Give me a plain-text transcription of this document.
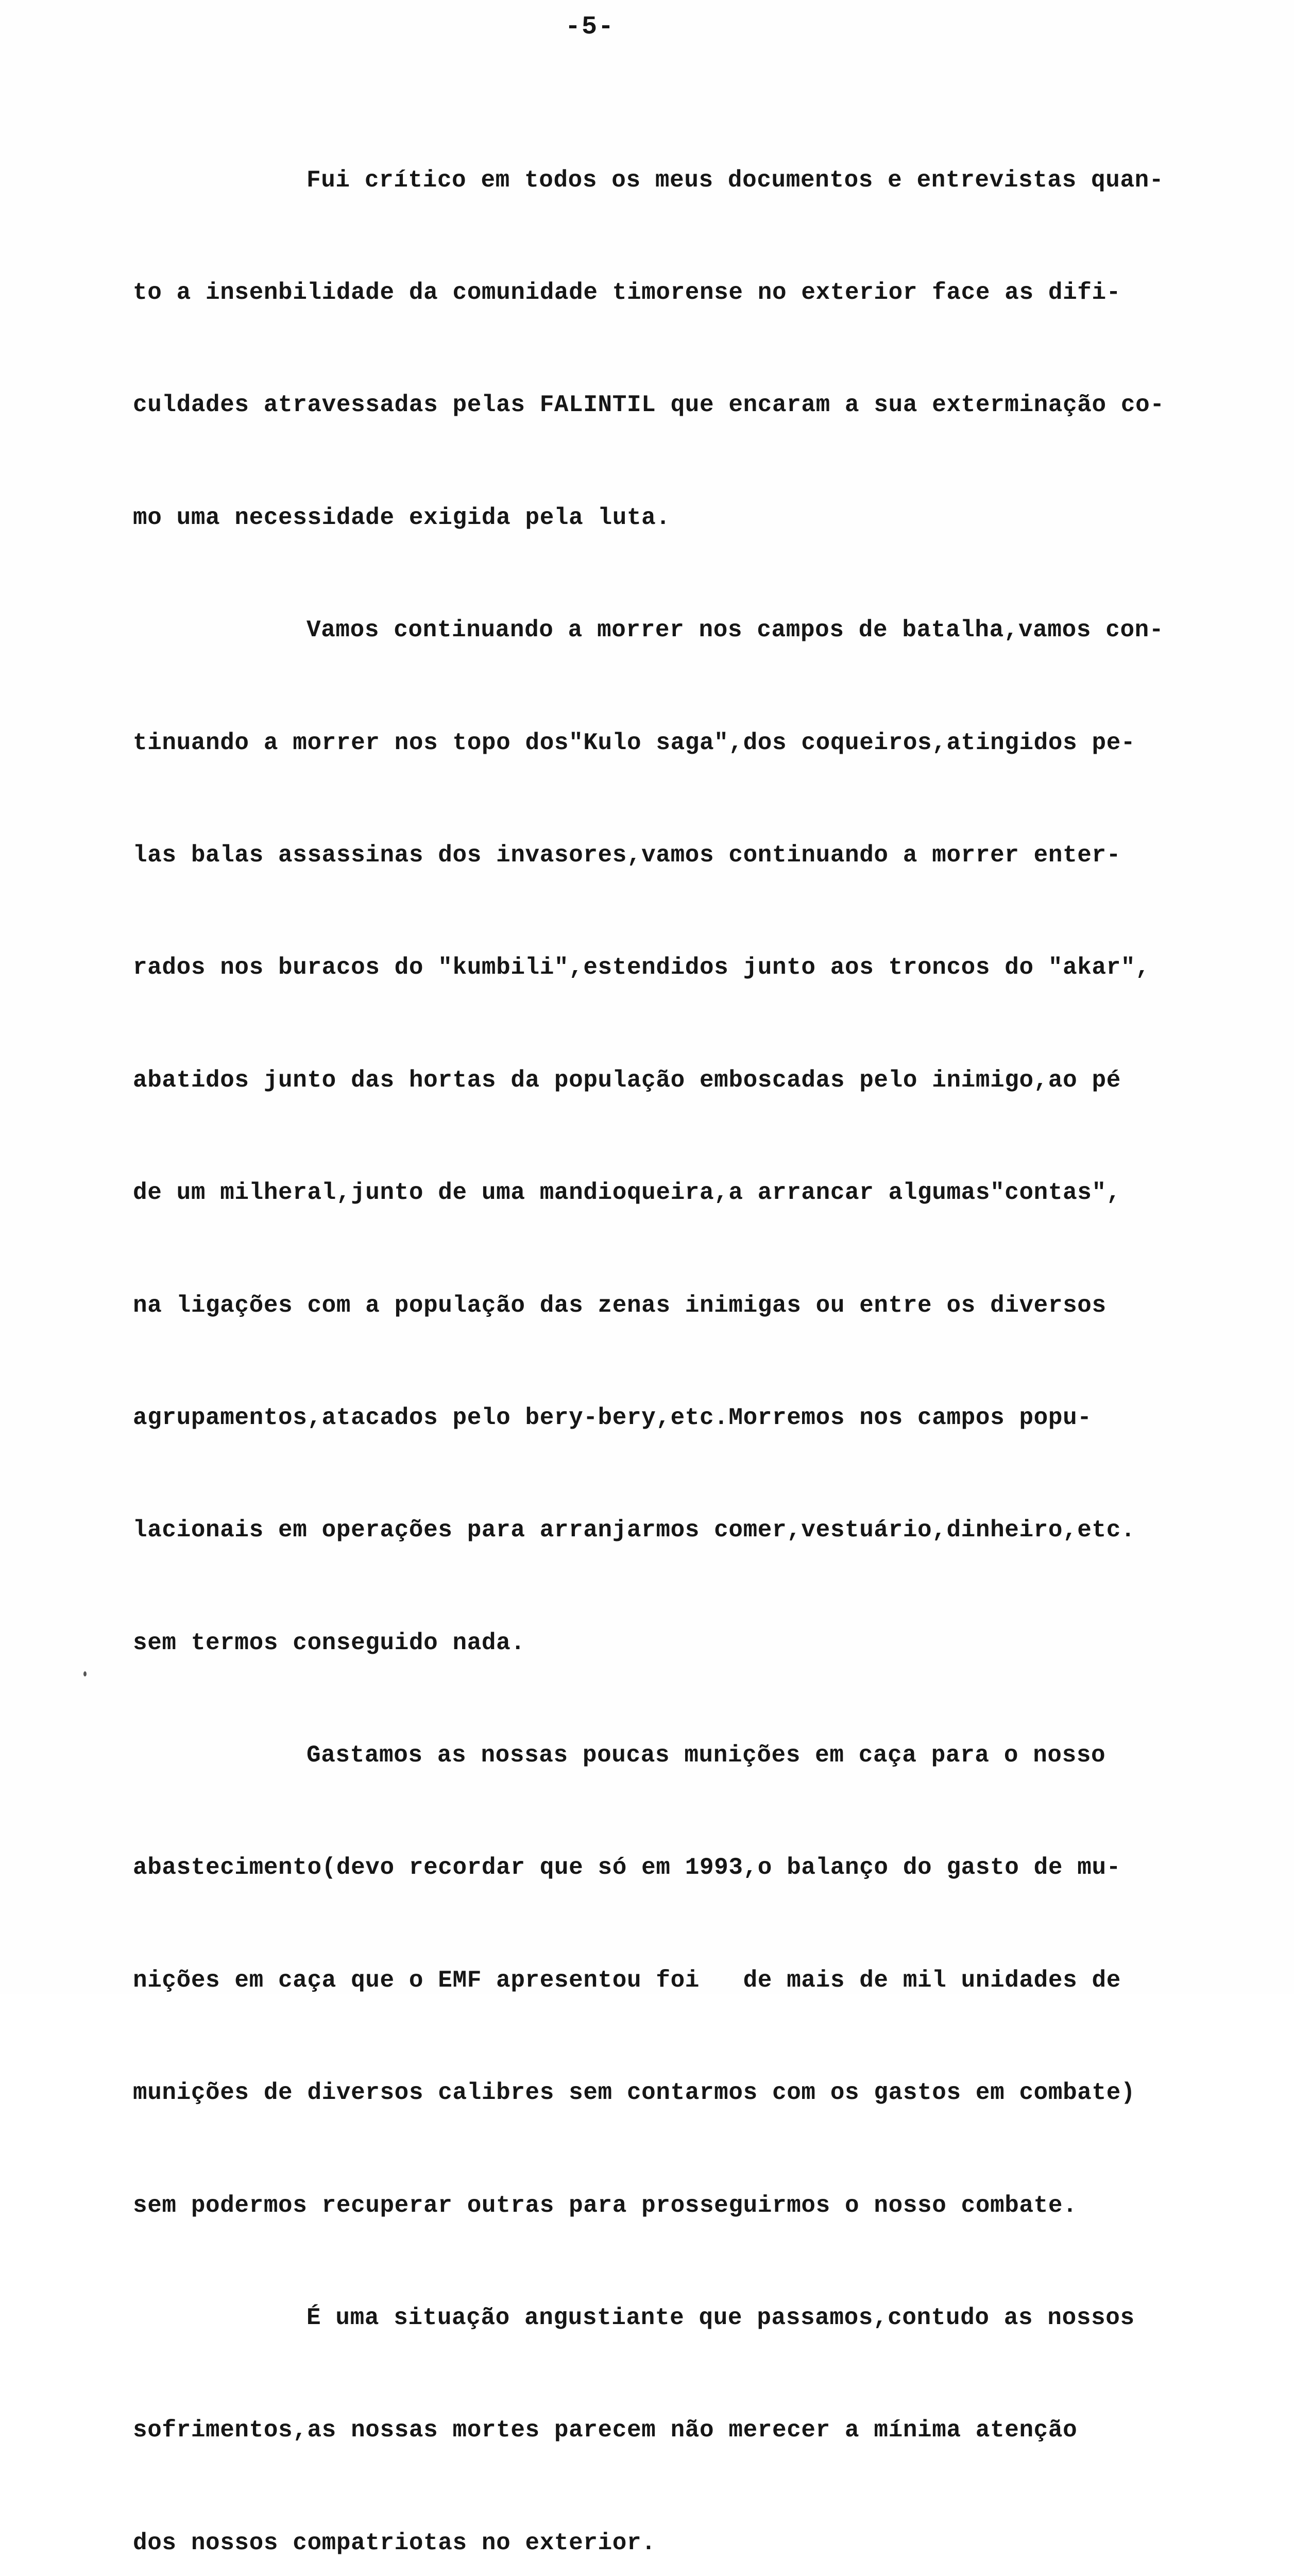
-5-

Fui crítico em todos os meus documentos e entrevistas quan-

to a insenbilidade da comunidade timorense no exterior face as difi-

culdades atravessadas pelas FALINTIL que encaram a sua exterminação co-

mo uma necessidade exigida pela luta.

Vamos continuando a morrer nos campos de batalha,vamos con-

tinuando a morrer nos topo dos"Kulo saga",dos coqueiros,atingidos pe-

las balas assassinas dos invasores,vamos continuando a morrer enter-

rados nos buracos do "kumbili",estendidos junto aos troncos do "akar",

abatidos junto das hortas da população emboscadas pelo inimigo,ao pé

de um milheral,junto de uma mandioqueira,a arrancar algumas"contas",

na ligações com a população das zenas inimigas ou entre os diversos

agrupamentos,atacados pelo bery-bery,etc.Morremos nos campos popu-

lacionais em operações para arranjarmos comer,vestuário,dinheiro,etc.

sem termos conseguido nada.

Gastamos as nossas poucas munições em caça para o nosso

abastecimento(devo recordar que só em 1993,o balanço do gasto de mu-

nições em caça que o EMF apresentou foi   de mais de mil unidades de

munições de diversos calibres sem contarmos com os gastos em combate)

sem podermos recuperar outras para prosseguirmos o nosso combate.

É uma situação angustiante que passamos,contudo as nossos

sofrimentos,as nossas mortes parecem não merecer a mínima atenção

dos nossos compatriotas no exterior.
